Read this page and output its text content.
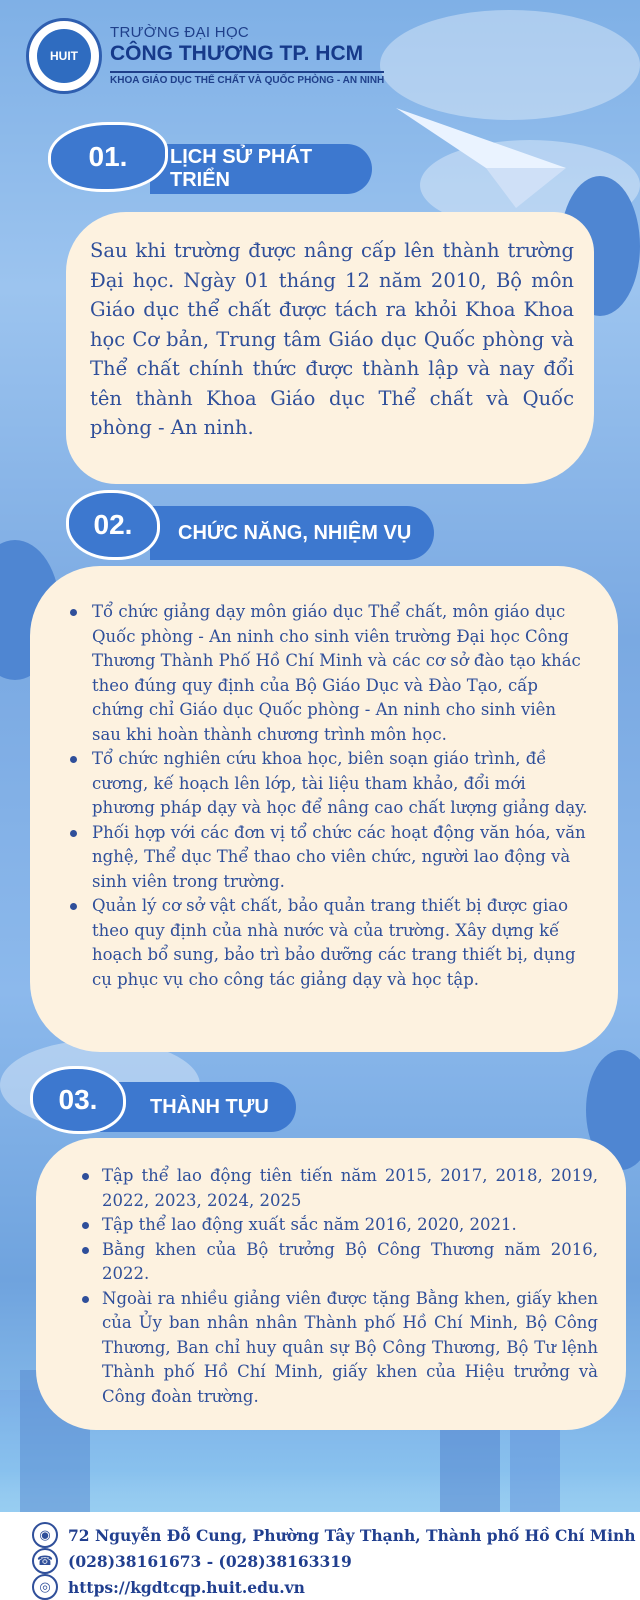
HUIT
TRƯỜNG ĐẠI HỌC
CÔNG THƯƠNG TP. HCM
KHOA GIÁO DỤC THỂ CHẤT VÀ QUỐC PHÒNG - AN NINH
LỊCH SỬ PHÁT TRIỂN
01.

Sau khi trường được nâng cấp lên thành trường Đại học. Ngày 01 tháng 12 năm 2010, Bộ môn Giáo dục thể chất được tách ra khỏi Khoa Khoa học Cơ bản, Trung tâm Giáo dục Quốc phòng và Thể chất chính thức được thành lập và nay đổi tên thành Khoa Giáo dục Thể chất và Quốc phòng - An ninh.

CHỨC NĂNG, NHIỆM VỤ
02.
Tổ chức giảng dạy môn giáo dục Thể chất, môn giáo dục Quốc phòng - An ninh cho sinh viên trường Đại học Công Thương Thành Phố Hồ Chí Minh và các cơ sở đào tạo khác theo đúng quy định của Bộ Giáo Dục và Đào Tạo, cấp chứng chỉ Giáo dục Quốc phòng - An ninh cho sinh viên sau khi hoàn thành chương trình môn học.
Tổ chức nghiên cứu khoa học, biên soạn giáo trình, đề cương, kế hoạch lên lớp, tài liệu tham khảo, đổi mới phương pháp dạy và học để nâng cao chất lượng giảng dạy.
Phối hợp với các đơn vị tổ chức các hoạt động văn hóa, văn nghệ, Thể dục Thể thao cho viên chức, người lao động và sinh viên trong trường.
Quản lý cơ sở vật chất, bảo quản trang thiết bị được giao theo quy định của nhà nước và của trường. Xây dựng kế hoạch bổ sung, bảo trì bảo dưỡng các trang thiết bị, dụng cụ phục vụ cho công tác giảng dạy và học tập.
THÀNH TỰU
03.
Tập thể lao động tiên tiến năm 2015, 2017, 2018, 2019, 2022, 2023, 2024, 2025
Tập thể lao động xuất sắc năm 2016, 2020, 2021.
Bằng khen của Bộ trưởng Bộ Công Thương năm 2016, 2022.
Ngoài ra nhiều giảng viên được tặng Bằng khen, giấy khen của Ủy ban nhân nhân Thành phố Hồ Chí Minh, Bộ Công Thương, Ban chỉ huy quân sự Bộ Công Thương, Bộ Tư lệnh Thành phố Hồ Chí Minh, giấy khen của Hiệu trưởng và Công đoàn trường.
◉	72 Nguyễn Đỗ Cung, Phường Tây Thạnh, Thành phố Hồ Chí Minh
☎ (028)38161673 - (028)38163319
◎	https://kgdtcqp.huit.edu.vn
